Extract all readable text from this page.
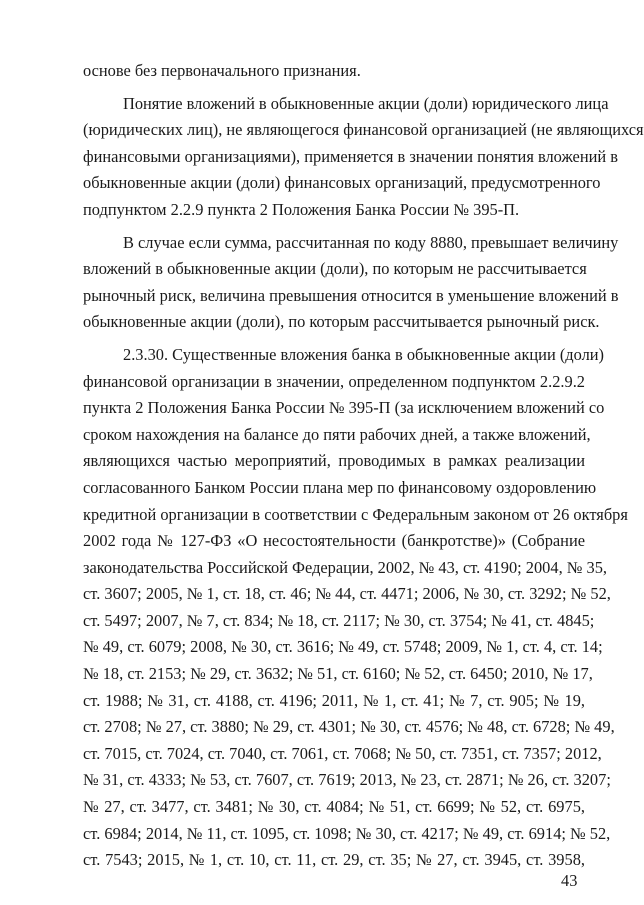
основе без первоначального признания.
Понятие вложений в обыкновенные акции (доли) юридического лица
(юридических лиц), не являющегося финансовой организацией (не являющихся
финансовыми организациями), применяется в значении понятия вложений в
обыкновенные акции (доли) финансовых организаций, предусмотренного
подпунктом 2.2.9 пункта 2 Положения Банка России № 395-П.
В случае если сумма, рассчитанная по коду 8880, превышает величину
вложений в обыкновенные акции (доли), по которым не рассчитывается
рыночный риск, величина превышения относится в уменьшение вложений в
обыкновенные акции (доли), по которым рассчитывается рыночный риск.
2.3.30. Существенные вложения банка в обыкновенные акции (доли)
финансовой организации в значении, определенном подпунктом 2.2.9.2
пункта 2 Положения Банка России № 395-П (за исключением вложений со
сроком нахождения на балансе до пяти рабочих дней, а также вложений,
являющихся частью мероприятий, проводимых в рамках реализации
согласованного Банком России плана мер по финансовому оздоровлению
кредитной организации в соответствии с Федеральным законом от 26 октября
2002 года № 127-ФЗ «О несостоятельности (банкротстве)» (Собрание
законодательства Российской Федерации, 2002, № 43, ст. 4190; 2004, № 35,
ст. 3607; 2005, № 1, ст. 18, ст. 46; № 44, ст. 4471; 2006, № 30, ст. 3292; № 52,
ст. 5497; 2007, № 7, ст. 834; № 18, ст. 2117; № 30, ст. 3754; № 41, ст. 4845;
№ 49, ст. 6079; 2008, № 30, ст. 3616; № 49, ст. 5748; 2009, № 1, ст. 4, ст. 14;
№ 18, ст. 2153; № 29, ст. 3632; № 51, ст. 6160; № 52, ст. 6450; 2010, № 17,
ст. 1988; № 31, ст. 4188, ст. 4196; 2011, № 1, ст. 41; № 7, ст. 905; № 19,
ст. 2708; № 27, ст. 3880; № 29, ст. 4301; № 30, ст. 4576; № 48, ст. 6728; № 49,
ст. 7015, ст. 7024, ст. 7040, ст. 7061, ст. 7068; № 50, ст. 7351, ст. 7357; 2012,
№ 31, ст. 4333; № 53, ст. 7607, ст. 7619; 2013, № 23, ст. 2871; № 26, ст. 3207;
№ 27, ст. 3477, ст. 3481; № 30, ст. 4084; № 51, ст. 6699; № 52, ст. 6975,
ст. 6984; 2014, № 11, ст. 1095, ст. 1098; № 30, ст. 4217; № 49, ст. 6914; № 52,
ст. 7543; 2015, № 1, ст. 10, ст. 11, ст. 29, ст. 35; № 27, ст. 3945, ст. 3958,
43
